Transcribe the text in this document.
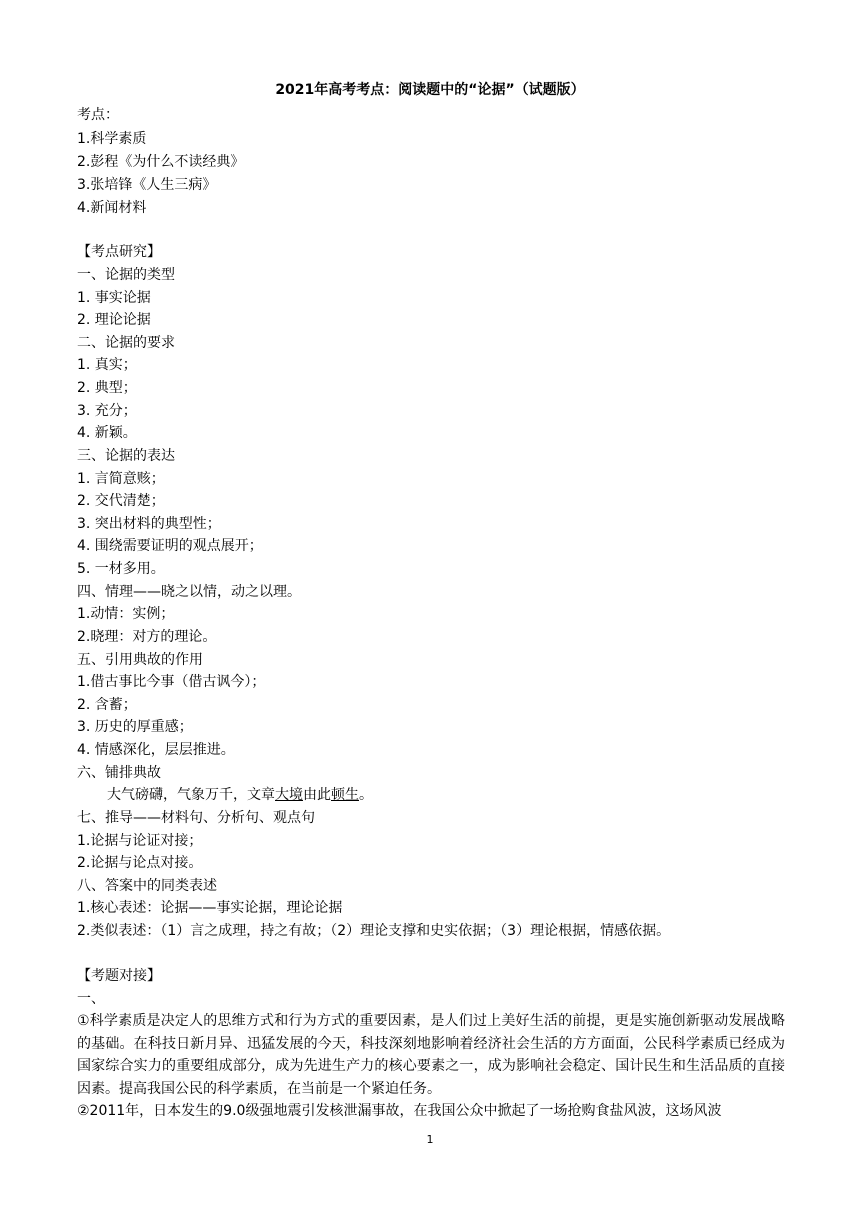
2021年高考考点：阅读题中的“论据”（试题版）
考点：
1.科学素质
2.彭程《为什么不读经典》
3.张培锋《人生三病》
4.新闻材料
【考点研究】
一、论据的类型
1. 事实论据
2. 理论论据
二、论据的要求
1. 真实；
2. 典型；
3. 充分；
4. 新颖。
三、论据的表达
1. 言简意赅；
2. 交代清楚；
3. 突出材料的典型性；
4. 围绕需要证明的观点展开；
5. 一材多用。
四、情理——晓之以情，动之以理。
1.动情：实例；
2.晓理：对方的理论。
五、引用典故的作用
1.借古事比今事（借古讽今）；
2. 含蓄；
3. 历史的厚重感；
4. 情感深化，层层推进。
六、铺排典故
大气磅礴，气象万千，文章大境由此顿生。
七、推导——材料句、分析句、观点句
1.论据与论证对接；
2.论据与论点对接。
八、答案中的同类表述
1.核心表述：论据——事实论据，理论论据
2.类似表述：（1）言之成理，持之有故；（2）理论支撑和史实依据；（3）理论根据，情感依据。
【考题对接】
一、
①科学素质是决定人的思维方式和行为方式的重要因素，是人们过上美好生活的前提，更是实施创新驱动发展战略的基础。在科技日新月异、迅猛发展的今天，科技深刻地影响着经济社会生活的方方面面，公民科学素质已经成为国家综合实力的重要组成部分，成为先进生产力的核心要素之一，成为影响社会稳定、国计民生和生活品质的直接因素。提高我国公民的科学素质，在当前是一个紧迫任务。
②2011年，日本发生的9.0级强地震引发核泄漏事故，在我国公众中掀起了一场抢购食盐风波，这场风波
1
